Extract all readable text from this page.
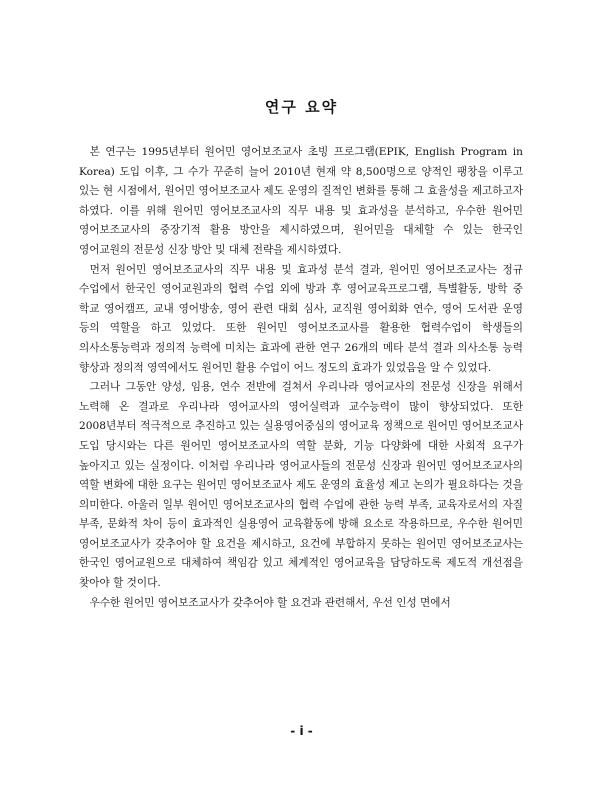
연구 요약

본 연구는 1995년부터 원어민 영어보조교사 초빙 프로그램(EPIK, English Program in Korea) 도입 이후, 그 수가 꾸준히 늘어 2010년 현재 약 8,500명으로 양적인 팽창을 이루고 있는 현 시점에서, 원어민 영어보조교사 제도 운영의 질적인 변화를 통해 그 효율성을 제고하고자 하였다. 이를 위해 원어민 영어보조교사의 직무 내용 및 효과성을 분석하고, 우수한 원어민 영어보조교사의 중장기적 활용 방안을 제시하였으며, 원어민을 대체할 수 있는 한국인 영어교원의 전문성 신장 방안 및 대체 전략을 제시하였다.

먼저 원어민 영어보조교사의 직무 내용 및 효과성 분석 결과, 원어민 영어보조교사는 정규 수업에서 한국인 영어교원과의 협력 수업 외에 방과 후 영어교육프로그램, 특별활동, 방학 중 학교 영어캠프, 교내 영어방송, 영어 관련 대회 심사, 교직원 영어회화 연수, 영어 도서관 운영 등의 역할을 하고 있었다. 또한 원어민 영어보조교사를 활용한 협력수업이 학생들의 의사소통능력과 정의적 능력에 미치는 효과에 관한 연구 26개의 메타 분석 결과 의사소통 능력 향상과 정의적 영역에서도 원어민 활용 수업이 어느 정도의 효과가 있었음을 알 수 있었다.

그러나 그동안 양성, 임용, 연수 전반에 걸쳐서 우리나라 영어교사의 전문성 신장을 위해서 노력해 온 결과로 우리나라 영어교사의 영어실력과 교수능력이 많이 향상되었다. 또한 2008년부터 적극적으로 추진하고 있는 실용영어중심의 영어교육 정책으로 원어민 영어보조교사 도입 당시와는 다른 원어민 영어보조교사의 역할 분화, 기능 다양화에 대한 사회적 요구가 높아지고 있는 실정이다. 이처럼 우리나라 영어교사들의 전문성 신장과 원어민 영어보조교사의 역할 변화에 대한 요구는 원어민 영어보조교사 제도 운영의 효율성 제고 논의가 필요하다는 것을 의미한다. 아울러 일부 원어민 영어보조교사의 협력 수업에 관한 능력 부족, 교육자로서의 자질 부족, 문화적 차이 등이 효과적인 실용영어 교육활동에 방해 요소로 작용하므로, 우수한 원어민 영어보조교사가 갖추어야 할 요건을 제시하고, 요건에 부합하지 못하는 원어민 영어보조교사는 한국인 영어교원으로 대체하여 책임감 있고 체계적인 영어교육을 담당하도록 제도적 개선점을 찾아야 할 것이다.

우수한 원어민 영어보조교사가 갖추어야 할 요건과 관련해서, 우선 인성 면에서

- i -
